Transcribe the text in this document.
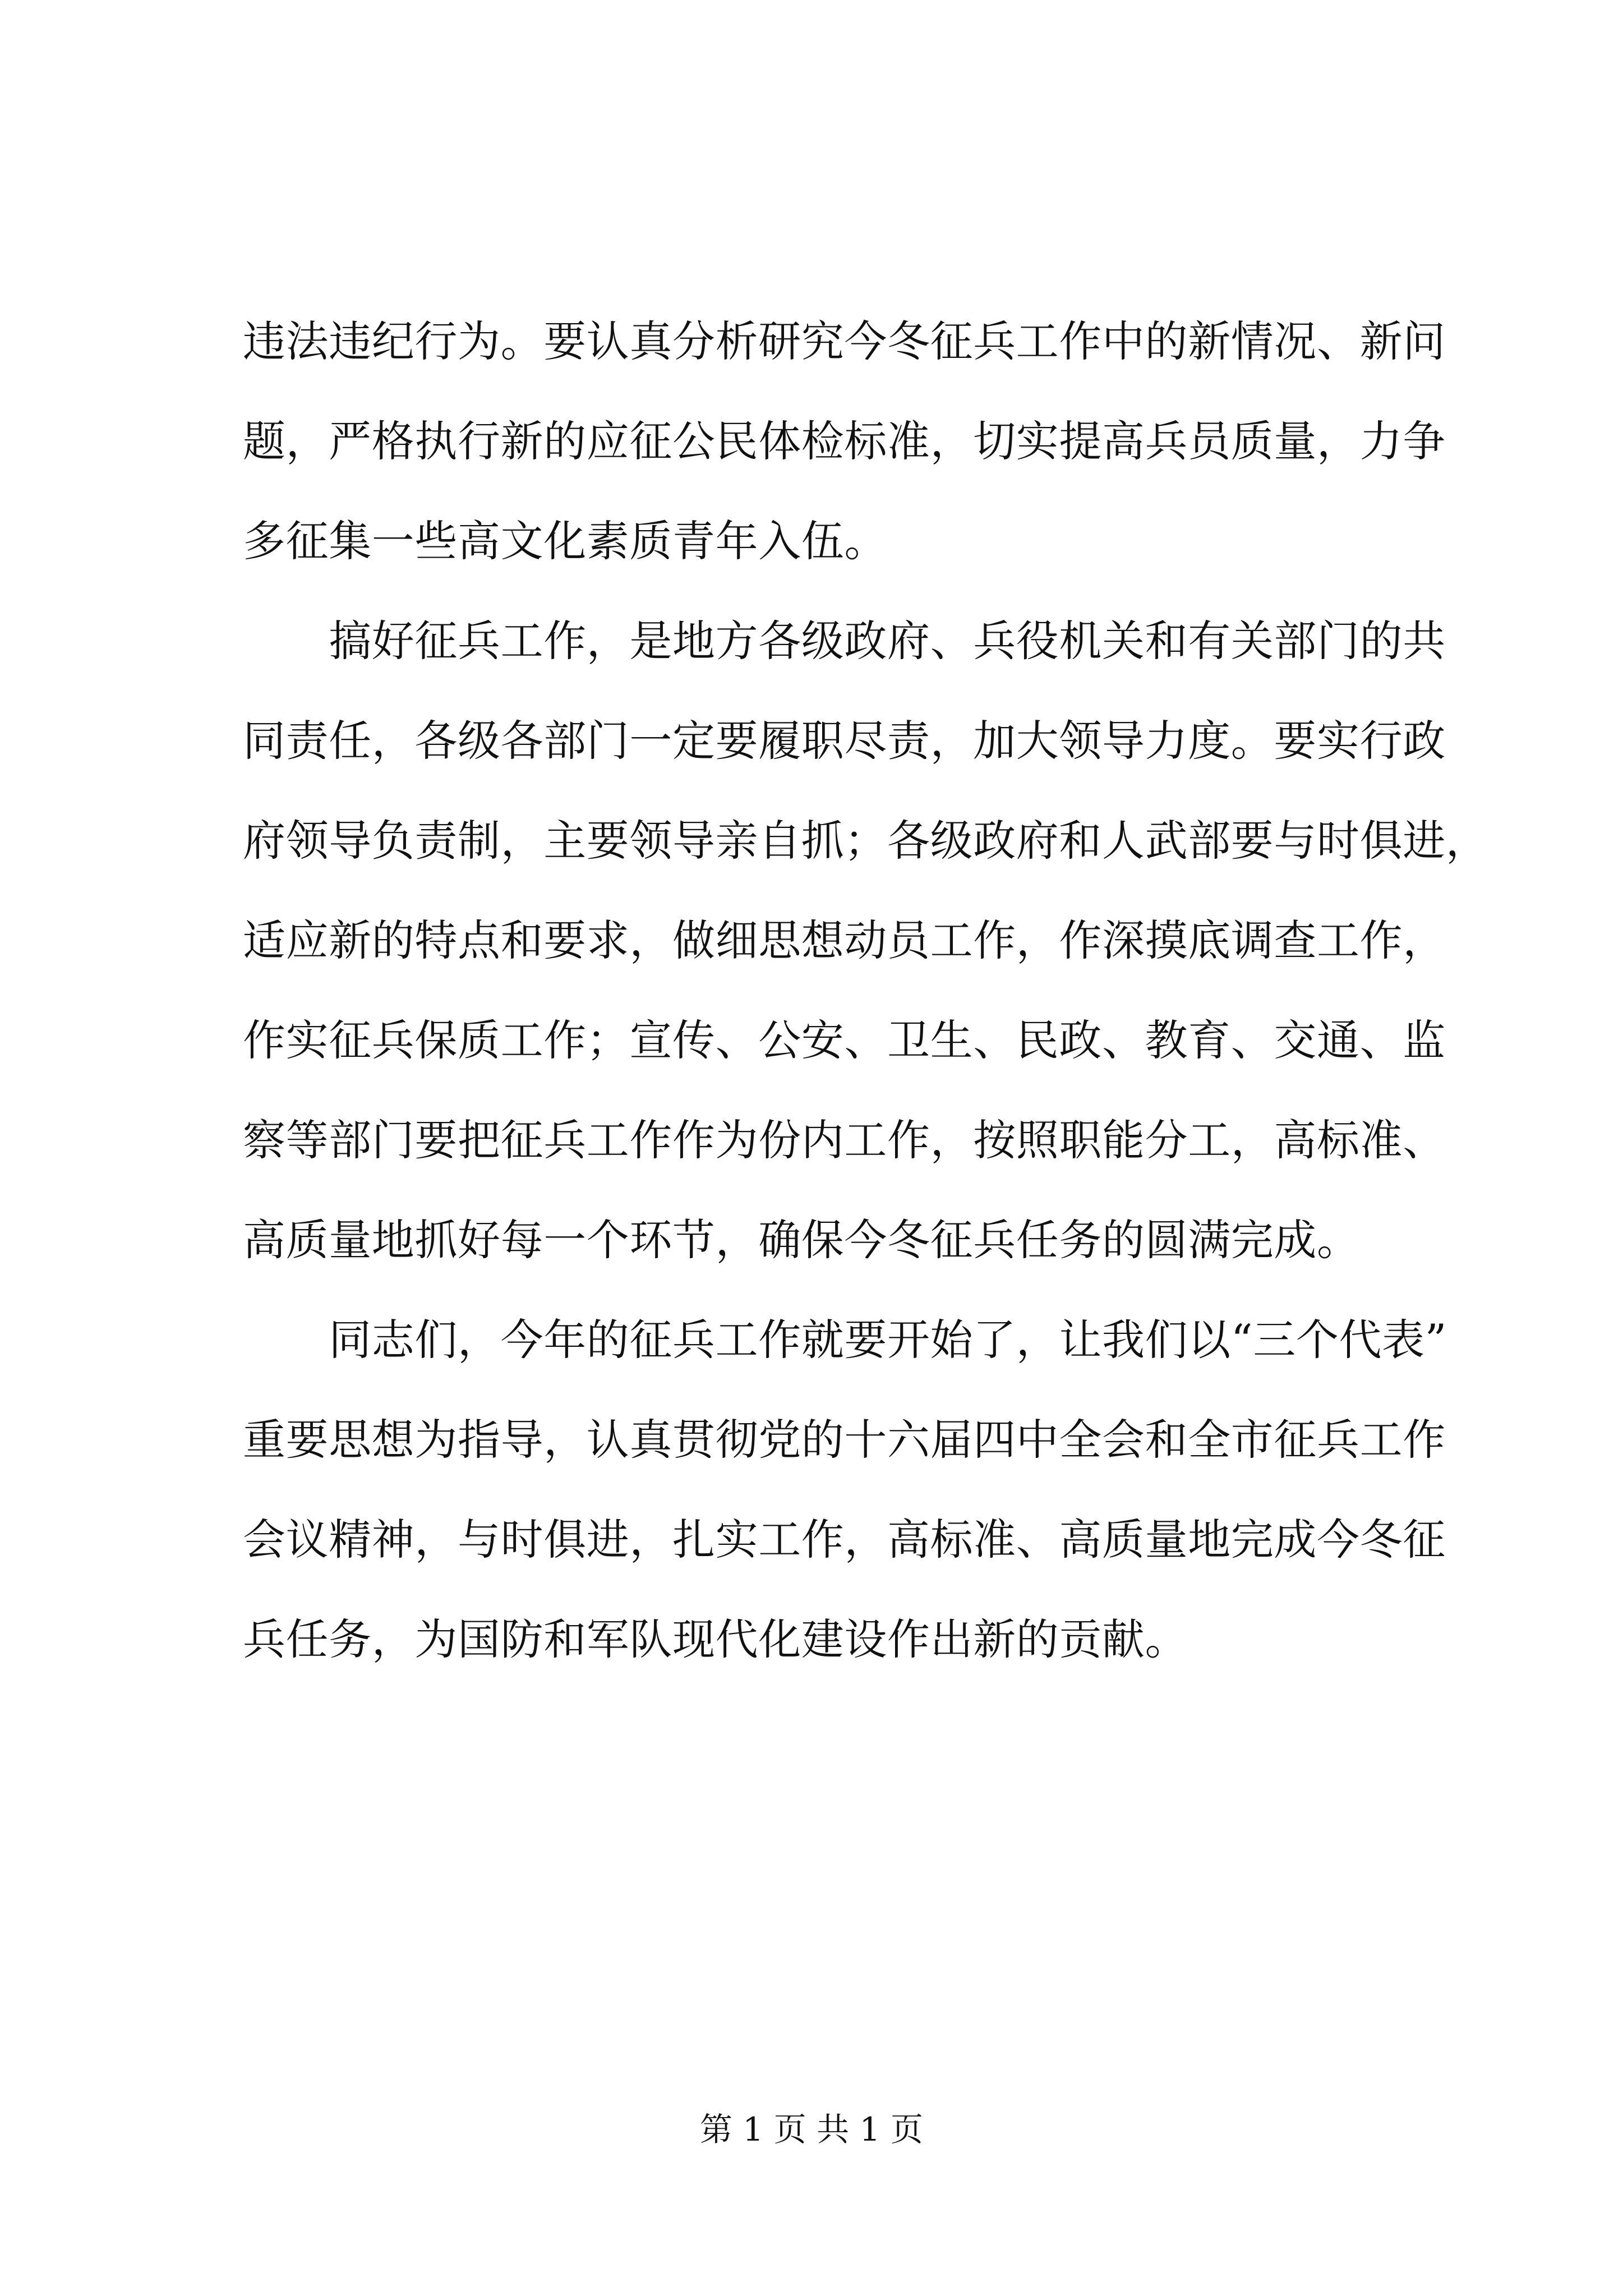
违法违纪行为。要认真分析研究今冬征兵工作中的新情况、新问
题，严格执行新的应征公民体检标准，切实提高兵员质量，力争
多征集一些高文化素质青年入伍。
　　搞好征兵工作，是地方各级政府、兵役机关和有关部门的共
同责任，各级各部门一定要履职尽责，加大领导力度。要实行政
府领导负责制，主要领导亲自抓；各级政府和人武部要与时俱进，
适应新的特点和要求，做细思想动员工作，作深摸底调查工作，
作实征兵保质工作；宣传、公安、卫生、民政、教育、交通、监
察等部门要把征兵工作作为份内工作，按照职能分工，高标准、
高质量地抓好每一个环节，确保今冬征兵任务的圆满完成。
　　同志们，今年的征兵工作就要开始了，让我们以“三个代表”
重要思想为指导，认真贯彻党的十六届四中全会和全市征兵工作
会议精神，与时俱进，扎实工作，高标准、高质量地完成今冬征
兵任务，为国防和军队现代化建设作出新的贡献。
第 1 页 共 1 页
